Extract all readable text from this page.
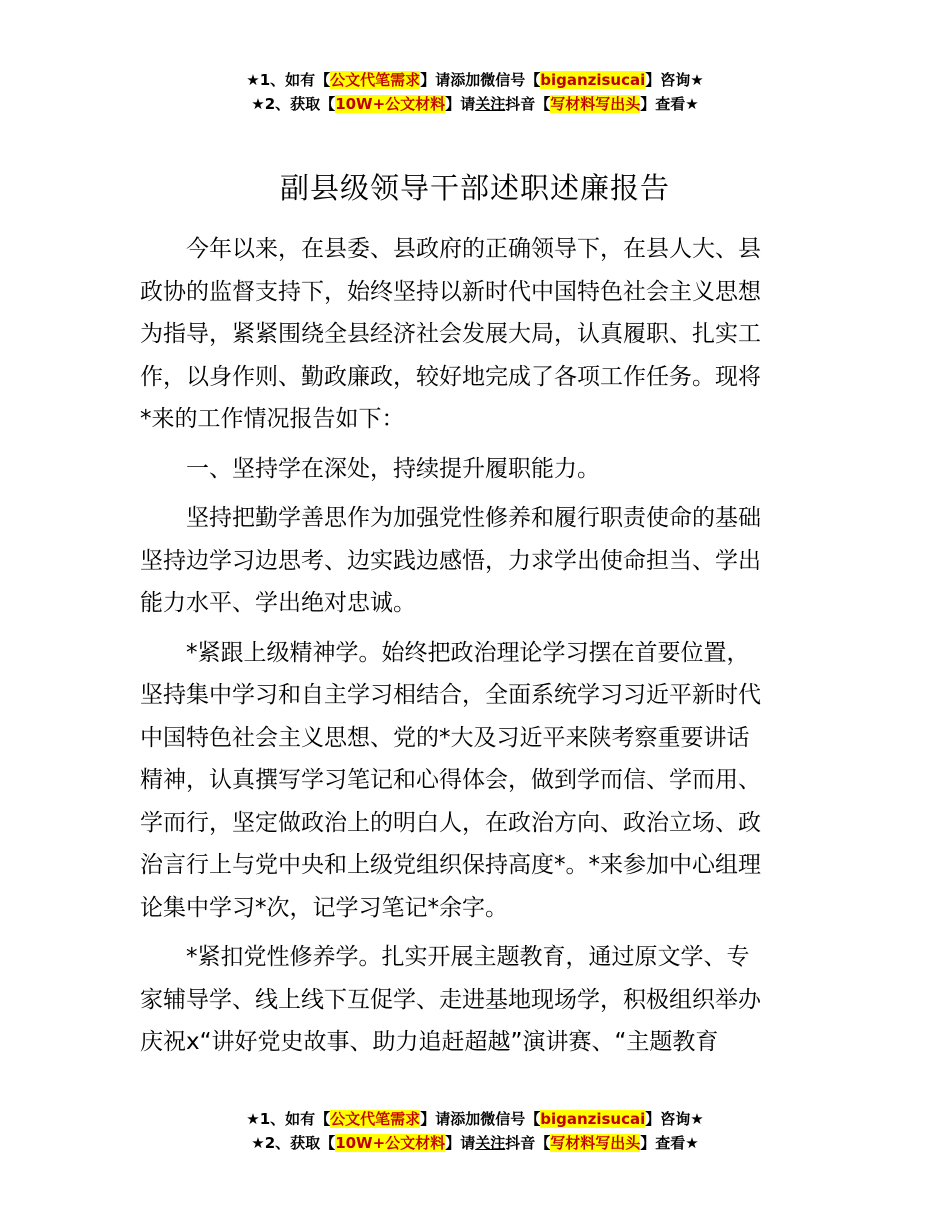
★1、如有【公文代笔需求】请添加微信号【biganzisucai】咨询★
★2、获取【10W+公文材料】请关注抖音【写材料写出头】查看★
副县级领导干部述职述廉报告
　　今年以来，在县委、县政府的正确领导下，在县人大、县
政协的监督支持下，始终坚持以新时代中国特色社会主义思想
为指导，紧紧围绕全县经济社会发展大局，认真履职、扎实工
作，以身作则、勤政廉政，较好地完成了各项工作任务。现将
*来的工作情况报告如下：
　　一、坚持学在深处，持续提升履职能力。
　　坚持把勤学善思作为加强党性修养和履行职责使命的基础
坚持边学习边思考、边实践边感悟，力求学出使命担当、学出
能力水平、学出绝对忠诚。
　　*紧跟上级精神学。始终把政治理论学习摆在首要位置，
坚持集中学习和自主学习相结合，全面系统学习习近平新时代
中国特色社会主义思想、党的*大及习近平来陕考察重要讲话
精神，认真撰写学习笔记和心得体会，做到学而信、学而用、
学而行，坚定做政治上的明白人，在政治方向、政治立场、政
治言行上与党中央和上级党组织保持高度*。*来参加中心组理
论集中学习*次，记学习笔记*余字。
　　*紧扣党性修养学。扎实开展主题教育，通过原文学、专
家辅导学、线上线下互促学、走进基地现场学，积极组织举办
庆祝x“讲好党史故事、助力追赶超越”演讲赛、“主题教育
★1、如有【公文代笔需求】请添加微信号【biganzisucai】咨询★
★2、获取【10W+公文材料】请关注抖音【写材料写出头】查看★
